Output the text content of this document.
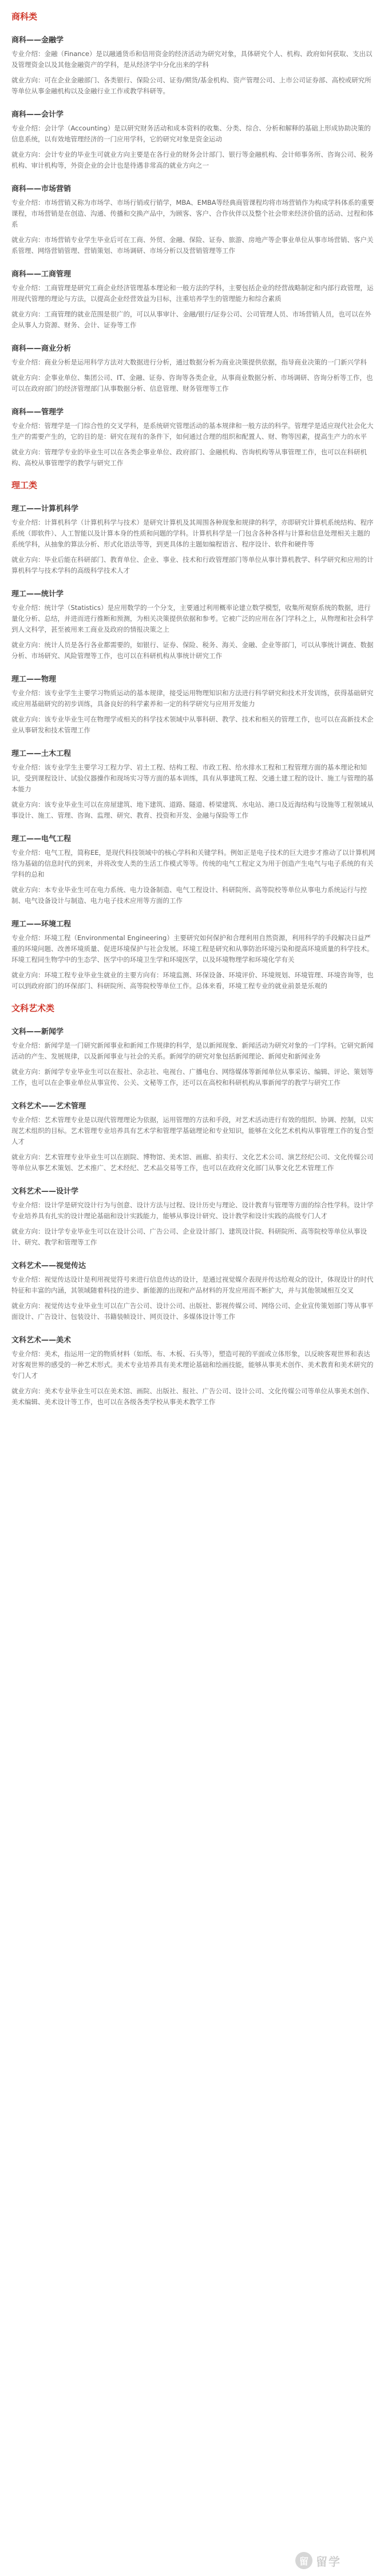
商科类
商科——金融学

专业介绍：金融（Finance）是以融通货币和信用资金的经济活动为研究对象，具体研究个人、机构、政府如何获取、支出以及管理资金以及其他金融资产的学科，是从经济学中分化出来的学科

就业方向：可在企业金融部门、各类银行、保险公司、证券/期货/基金机构、资产管理公司、上市公司证券部、高校或研究所等单位从事金融机构以及金融行业工作或教学科研等。

商科——会计学

专业介绍：会计学（Accounting）是以研究财务活动和成本资料的收集、分类、综合、分析和解释的基础上形成协助决策的信息系统，以有效地管理经济的一门应用学科，它的研究对象是资金运动

就业方向：会计专业的毕业生可就业方向主要是在各行业的财务会计部门、银行等金融机构、会计师事务所、咨询公司、税务机构、审计机构等，外资企业的会计也是待遇非常高的就业方向之一

商科——市场营销

专业介绍：市场营销又称为市场学、市场行销或行销学，MBA、EMBA等经典商管课程均将市场营销作为构成学科体系的重要课程，市场营销是在创造、沟通、传播和交换产品中，为顾客、客户、合作伙伴以及整个社会带来经济价值的活动、过程和体系

就业方向：市场营销专业学生毕业后可在工商、外贸、金融、保险、证券、旅游、房地产等企事业单位从事市场营销、客户关系管理、网络营销管理、营销策划、市场调研、市场分析以及营销管理等工作

商科——工商管理

专业介绍：工商管理是研究工商企业经济管理基本理论和一般方法的学科，主要包括企业的经营战略制定和内部行政管理，运用现代管理的理论与方法，以提高企业经营效益为目标，注重培养学生的管理能力和综合素质

就业方向：工商管理的就业范围是很广的，可以从事审计、金融/银行/证券公司、公司管理人员、市场营销人员，也可以在外企从事人力资源、财务、会计、证券等工作

商科——商业分析

专业介绍：商业分析是运用科学方法对大数据进行分析，通过数据分析为商业决策提供依据，指导商业决策的一门新兴学科

就业方向：企事业单位、集团公司、IT、金融、证券、咨询等各类企业，从事商业数据分析、市场调研、咨询分析等工作，也可以在政府部门的经济管理部门从事数据分析、信息管理、财务管理等工作

商科——管理学

专业介绍：管理学是一门综合性的交叉学科，是系统研究管理活动的基本规律和一般方法的科学。管理学是适应现代社会化大生产的需要产生的，它的目的是：研究在现有的条件下，如何通过合理的组织和配置人、财、物等因素，提高生产力的水平

就业方向：管理学专业的毕业生可以在各类企事业单位、政府部门、金融机构、咨询机构等从事管理工作，也可以在科研机构、高校从事管理学的教学与研究工作

理工类
理工——计算机科学

专业介绍：计算机科学（计算机科学与技术）是研究计算机及其周围各种现象和规律的科学，亦即研究计算机系统结构、程序系统（即软件）、人工智能以及计算本身的性质和问题的学科。计算机科学是一门包含各种各样与计算和信息处理相关主题的系统学科，从抽象的算法分析、形式化语法等等，到更具体的主题如编程语言、程序设计、软件和硬件等

就业方向：毕业后能在科研部门、教育单位、企业、事业、技术和行政管理部门等单位从事计算机教学、科学研究和应用的计算机科学与技术学科的高级科学技术人才

理工——统计学

专业介绍：统计学（Statistics）是应用数学的一个分支，主要通过利用概率论建立数学模型，收集所观察系统的数据，进行量化分析、总结，并进而进行推断和预测，为相关决策提供依据和参考。它被广泛的应用在各门学科之上，从物理和社会科学到人文科学，甚至被用来工商业及政府的情报决策之上

就业方向：统计人员是各行各业都需要的，如银行、证券、保险、税务、海关、金融、企业等部门，可以从事统计调查、数据分析、市场研究、风险管理等工作，也可以在科研机构从事统计研究工作

理工——物理

专业介绍：该专业学生主要学习物质运动的基本规律，接受运用物理知识和方法进行科学研究和技术开发训练，获得基础研究或应用基础研究的初步训练，具备良好的科学素养和一定的科学研究与应用开发能力

就业方向：该专业毕业生可在物理学或相关的科学技术领域中从事科研、教学、技术和相关的管理工作，也可以在高新技术企业从事研发和技术管理工作

理工——土木工程

专业介绍：该专业学生主要学习工程力学、岩土工程、结构工程、市政工程、给水排水工程和工程管理方面的基本理论和知识，受到课程设计、试验仪器操作和现场实习等方面的基本训练，具有从事建筑工程、交通土建工程的设计、施工与管理的基本能力

就业方向：该专业毕业生可以在房屋建筑、地下建筑、道路、隧道、桥梁建筑、水电站、港口及近海结构与设施等工程领域从事设计、施工、管理、咨询、监理、研究、教育、投资和开发、金融与保险等工作

理工——电气工程

专业介绍：电气工程，简称EE，是现代科技领域中的核心学科和关键学科。例如正是电子技术的巨大进步才推动了以计算机网络为基础的信息时代的到来，并将改变人类的生活工作模式等等。传统的电气工程定义为用于创造产生电气与电子系统的有关学科的总和

就业方向：本专业毕业生可在电力系统、电力设备制造、电气工程设计、科研院所、高等院校等单位从事电力系统运行与控制、电气设备设计与制造、电力电子技术应用等方面的工作

理工——环境工程

专业介绍：环境工程（Environmental Engineering）主要研究如何保护和合理利用自然资源，利用科学的手段解决日益严重的环境问题、改善环境质量、促进环境保护与社会发展。环境工程是研究和从事防治环境污染和提高环境质量的科学技术。环境工程同生物学中的生态学、医学中的环境卫生学和环境医学，以及环境物理学和环境化学有关

就业方向：环境工程专业毕业生就业的主要方向有：环境监测、环保设备、环境评价、环境规划、环境管理、环境咨询等，也可以到政府部门的环保部门、科研院所、高等院校等单位工作。总体来看，环境工程专业的就业前景是乐观的

文科艺术类
文科——新闻学

专业介绍：新闻学是一门研究新闻事业和新闻工作规律的科学，是以新闻现象、新闻活动为研究对象的一门学科。它研究新闻活动的产生、发展规律，以及新闻事业与社会的关系。新闻学的研究对象包括新闻理论、新闻史和新闻业务

就业方向：新闻学专业毕业生可以在报社、杂志社、电视台、广播电台、网络媒体等新闻单位从事采访、编辑、评论、策划等工作，也可以在企事业单位从事宣传、公关、文秘等工作，还可以在高校和科研机构从事新闻学的教学与研究工作

文科艺术——艺术管理

专业介绍：艺术管理专业是以现代管理理论为依据，运用管理的方法和手段，对艺术活动进行有效的组织、协调、控制，以实现艺术组织的目标。艺术管理专业培养具有艺术学和管理学基础理论和专业知识，能够在文化艺术机构从事管理工作的复合型人才

就业方向：艺术管理专业毕业生可以在剧院、博物馆、美术馆、画廊、拍卖行、文化艺术公司、演艺经纪公司、文化传媒公司等单位从事艺术策划、艺术推广、艺术经纪、艺术品交易等工作，也可以在政府文化部门从事文化艺术管理工作

文科艺术——设计学

专业介绍：设计学是研究设计行为与创意、设计方法与过程、设计历史与理论、设计教育与管理等方面的综合性学科。设计学专业培养具有扎实的设计理论基础和设计实践能力，能够从事设计研究、设计教学和设计实践的高级专门人才

就业方向：设计学专业毕业生可以在设计公司、广告公司、企业设计部门、建筑设计院、科研院所、高等院校等单位从事设计、研究、教学和管理等工作

文科艺术——视觉传达

专业介绍：视觉传达设计是利用视觉符号来进行信息传达的设计，是通过视觉媒介表现并传达给观众的设计，体现设计的时代特征和丰富的内涵，其领域随着科技的进步、新能源的出现和产品材料的开发应用而不断扩大，并与其他领域相互交叉

就业方向：视觉传达专业毕业生可以在广告公司、设计公司、出版社、影视传媒公司、网络公司、企业宣传策划部门等从事平面设计、广告设计、包装设计、书籍装帧设计、网页设计、多媒体设计等工作

文科艺术——美术

专业介绍：美术，指运用一定的物质材料（如纸、布、木板、石头等），塑造可视的平面或立体形象，以反映客观世界和表达对客观世界的感受的一种艺术形式。美术专业培养具有美术理论基础和绘画技能，能够从事美术创作、美术教育和美术研究的专门人才

就业方向：美术专业毕业生可以在美术馆、画院、出版社、报社、广告公司、设计公司、文化传媒公司等单位从事美术创作、美术编辑、美术设计等工作，也可以在各级各类学校从事美术教学工作

留 留学
